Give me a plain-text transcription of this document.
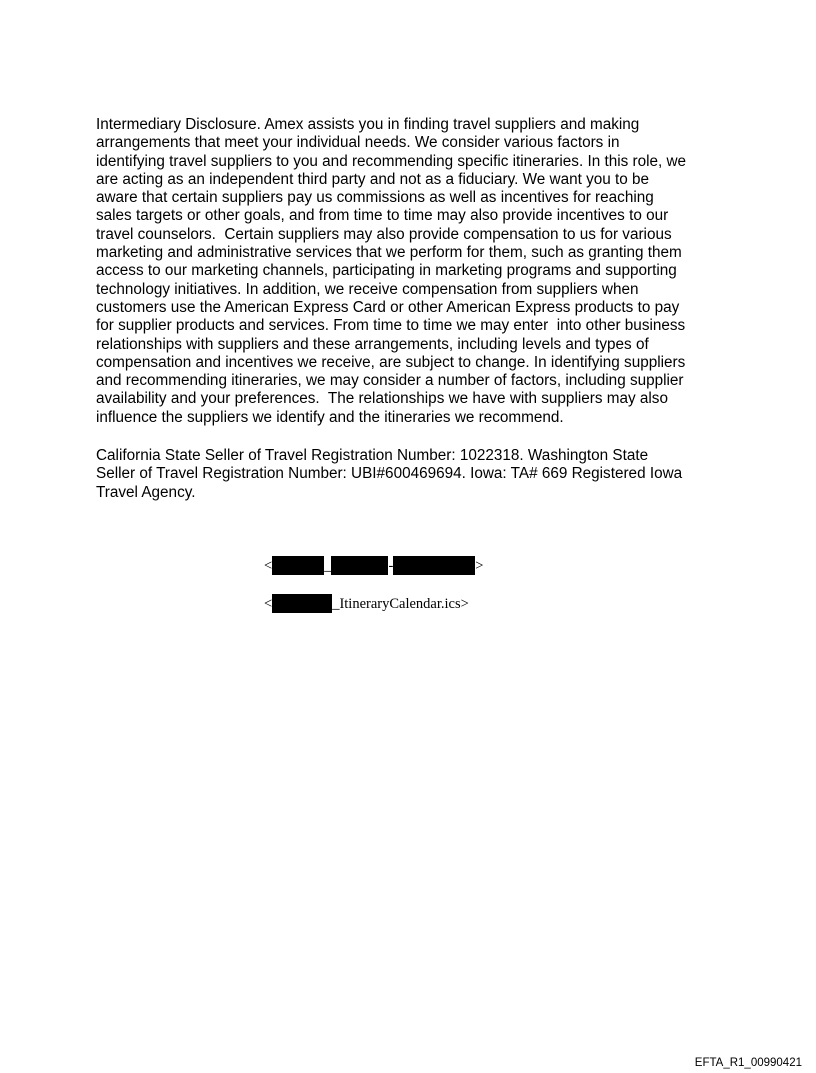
Intermediary Disclosure. Amex assists you in finding travel suppliers and making
arrangements that meet your individual needs. We consider various factors in
identifying travel suppliers to you and recommending specific itineraries. In this role, we
are acting as an independent third party and not as a fiduciary. We want you to be
aware that certain suppliers pay us commissions as well as incentives for reaching
sales targets or other goals, and from time to time may also provide incentives to our
travel counselors.  Certain suppliers may also provide compensation to us for various
marketing and administrative services that we perform for them, such as granting them
access to our marketing channels, participating in marketing programs and supporting
technology initiatives. In addition, we receive compensation from suppliers when
customers use the American Express Card or other American Express products to pay
for supplier products and services. From time to time we may enter  into other business
relationships with suppliers and these arrangements, including levels and types of
compensation and incentives we receive, are subject to change. In identifying suppliers
and recommending itineraries, we may consider a number of factors, including supplier
availability and your preferences.  The relationships we have with suppliers may also
influence the suppliers we identify and the itineraries we recommend.
California State Seller of Travel Registration Number: 1022318. Washington State
Seller of Travel Registration Number: UBI#600469694. Iowa: TA# 669 Registered Iowa
Travel Agency.
<	_	-	>
<	_ItineraryCalendar.ics>
EFTA_R1_00990421
